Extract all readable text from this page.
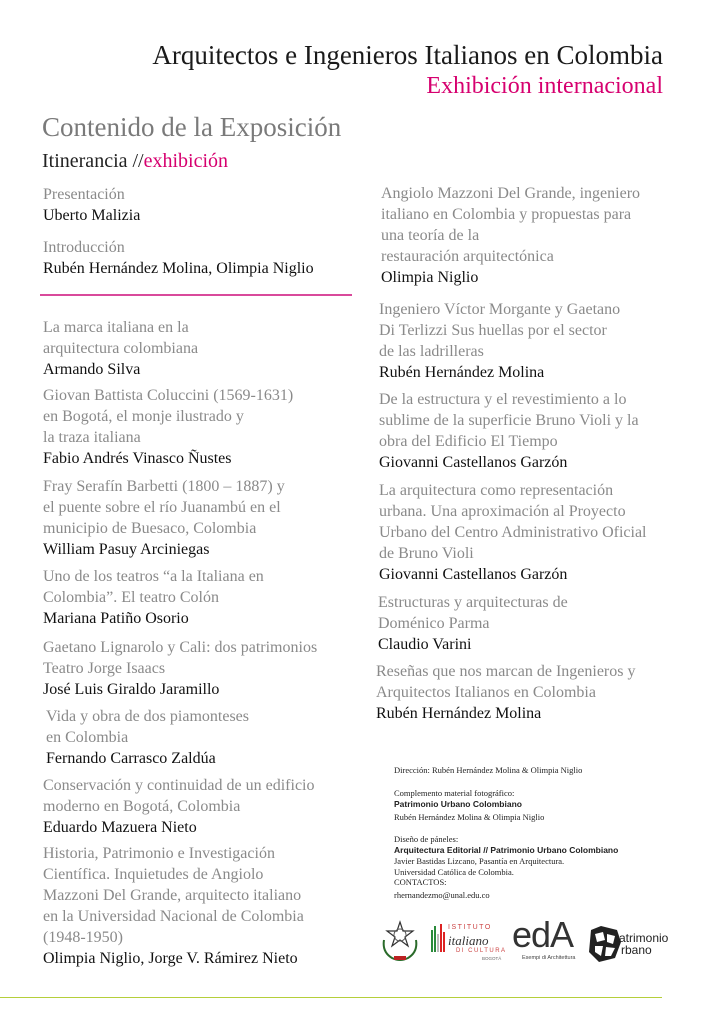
Arquitectos e Ingenieros Italianos en Colombia
Exhibición internacional
Contenido de la Exposición
Itinerancia //exhibición
Presentación
Uberto Malizia
Introducción
Rubén Hernández Molina, Olimpia Niglio
La marca italiana en la
arquitectura colombiana
Armando Silva
Giovan Battista Coluccini (1569-1631)
en Bogotá, el monje ilustrado y
la traza italiana
Fabio Andrés Vinasco Ñustes
Fray Serafín Barbetti (1800 – 1887) y
el puente sobre el río Juanambú en el
municipio de Buesaco, Colombia
William Pasuy Arciniegas
Uno de los teatros “a la Italiana en
Colombia”. El teatro Colón
Mariana Patiño Osorio
Gaetano Lignarolo y Cali: dos patrimonios
Teatro Jorge Isaacs
José Luis Giraldo Jaramillo
Vida y obra de dos piamonteses
en Colombia
Fernando Carrasco Zaldúa
Conservación y continuidad de un edificio
moderno en Bogotá, Colombia
Eduardo Mazuera Nieto
Historia, Patrimonio e Investigación
Científica. Inquietudes de Angiolo
Mazzoni Del Grande, arquitecto italiano
en la Universidad Nacional de Colombia
(1948-1950)
Olimpia Niglio, Jorge V. Rámirez Nieto
Angiolo Mazzoni Del Grande, ingeniero
italiano en Colombia y propuestas para
una teoría de la
restauración arquitectónica
Olimpia Niglio
Ingeniero Víctor Morgante y Gaetano
Di Terlizzi Sus huellas por el sector
de las ladrilleras
Rubén Hernández Molina
De la estructura y el revestimiento a lo
sublime de la superficie Bruno Violi y la
obra del Edificio El Tiempo
Giovanni Castellanos Garzón
La arquitectura como representación
urbana. Una aproximación al Proyecto
Urbano del Centro Administrativo Oficial
de Bruno Violi
Giovanni Castellanos Garzón
Estructuras y arquitecturas de
Doménico Parma
Claudio Varini
Reseñas que nos marcan de Ingenieros y
Arquitectos Italianos en Colombia
Rubén Hernández Molina
Dirección: Rubén Hernández Molina & Olimpia Niglio
Complemento material fotográfico:
Patrimonio Urbano Colombiano
Rubén Hernández Molina & Olimpia Niglio
Diseño de páneles:
Arquitectura Editorial // Patrimonio Urbano Colombiano
Javier Bastidas Lizcano, Pasantía en Arquitectura.
Universidad Católica de Colombia.
CONTACTOS:
rhernandezmo@unal.edu.co
ISTITUTO
italiano
DI CULTURA
BOGOTÁ
edA
Esempi di Architettura
atrimonio
rbano
